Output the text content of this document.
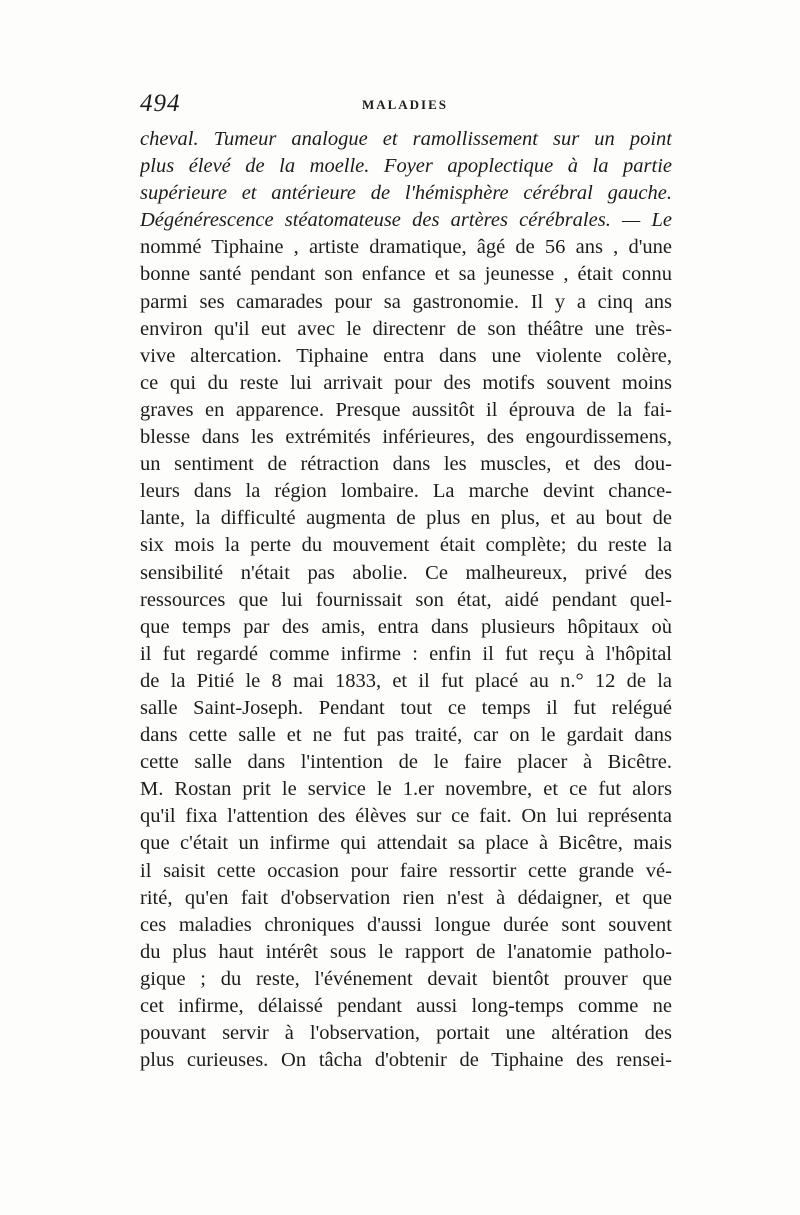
494	MALADIES
cheval. Tumeur analogue et ramollissement sur un point
plus élevé de la moelle. Foyer apoplectique à la partie
supérieure et antérieure de l'hémisphère cérébral gauche.
Dégénérescence stéatomateuse des artères cérébrales. — Le
nommé Tiphaine , artiste dramatique, âgé de 56 ans , d'une
bonne santé pendant son enfance et sa jeunesse , était connu
parmi ses camarades pour sa gastronomie. Il y a cinq ans
environ qu'il eut avec le directenr de son théâtre une très-
vive altercation. Tiphaine entra dans une violente colère,
ce qui du reste lui arrivait pour des motifs souvent moins
graves en apparence. Presque aussitôt il éprouva de la fai-
blesse dans les extrémités inférieures, des engourdissemens,
un sentiment de rétraction dans les muscles, et des dou-
leurs dans la région lombaire. La marche devint chance-
lante, la difficulté augmenta de plus en plus, et au bout de
six mois la perte du mouvement était complète; du reste la
sensibilité n'était pas abolie. Ce malheureux, privé des
ressources que lui fournissait son état, aidé pendant quel-
que temps par des amis, entra dans plusieurs hôpitaux où
il fut regardé comme infirme : enfin il fut reçu à l'hôpital
de la Pitié le 8 mai 1833, et il fut placé au n.° 12 de la
salle Saint-Joseph. Pendant tout ce temps il fut relégué
dans cette salle et ne fut pas traité, car on le gardait dans
cette salle dans l'intention de le faire placer à Bicêtre.
M. Rostan prit le service le 1.er novembre, et ce fut alors
qu'il fixa l'attention des élèves sur ce fait. On lui représenta
que c'était un infirme qui attendait sa place à Bicêtre, mais
il saisit cette occasion pour faire ressortir cette grande vé-
rité, qu'en fait d'observation rien n'est à dédaigner, et que
ces maladies chroniques d'aussi longue durée sont souvent
du plus haut intérêt sous le rapport de l'anatomie patholo-
gique ; du reste, l'événement devait bientôt prouver que
cet infirme, délaissé pendant aussi long-temps comme ne
pouvant servir à l'observation, portait une altération des
plus curieuses. On tâcha d'obtenir de Tiphaine des rensei-
